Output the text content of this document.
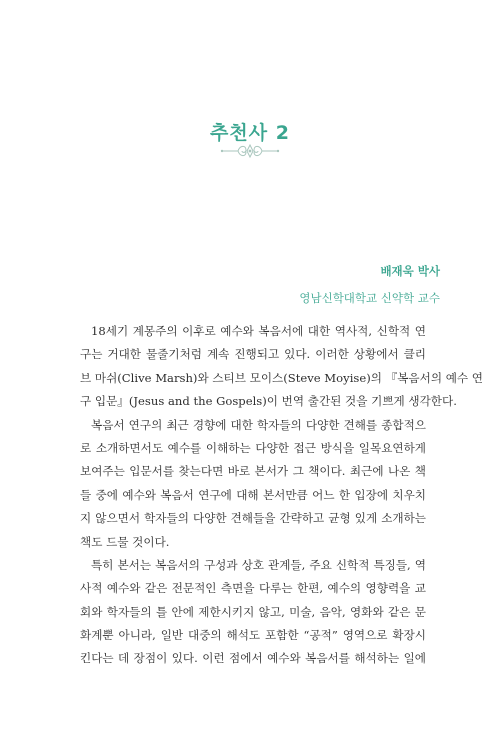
추천사 2
배재욱 박사
영남신학대학교 신약학 교수
18세기 계몽주의 이후로 예수와 복음서에 대한 역사적, 신학적 연
구는 거대한 물줄기처럼 계속 진행되고 있다. 이러한 상황에서 클리
브 마쉬(Clive Marsh)와 스티브 모이스(Steve Moyise)의 『복음서의 예수 연
구 입문』(Jesus and the Gospels)이 번역 출간된 것을 기쁘게 생각한다.
복음서 연구의 최근 경향에 대한 학자들의 다양한 견해를 종합적으
로 소개하면서도 예수를 이해하는 다양한 접근 방식을 일목요연하게
보여주는 입문서를 찾는다면 바로 본서가 그 책이다. 최근에 나온 책
들 중에 예수와 복음서 연구에 대해 본서만큼 어느 한 입장에 치우치
지 않으면서 학자들의 다양한 견해들을 간략하고 균형 있게 소개하는
책도 드물 것이다.
특히 본서는 복음서의 구성과 상호 관계들, 주요 신학적 특징들, 역
사적 예수와 같은 전문적인 측면을 다루는 한편, 예수의 영향력을 교
회와 학자들의 틀 안에 제한시키지 않고, 미술, 음악, 영화와 같은 문
화계뿐 아니라, 일반 대중의 해석도 포함한 “공적” 영역으로 확장시
킨다는 데 장점이 있다. 이런 점에서 예수와 복음서를 해석하는 일에
